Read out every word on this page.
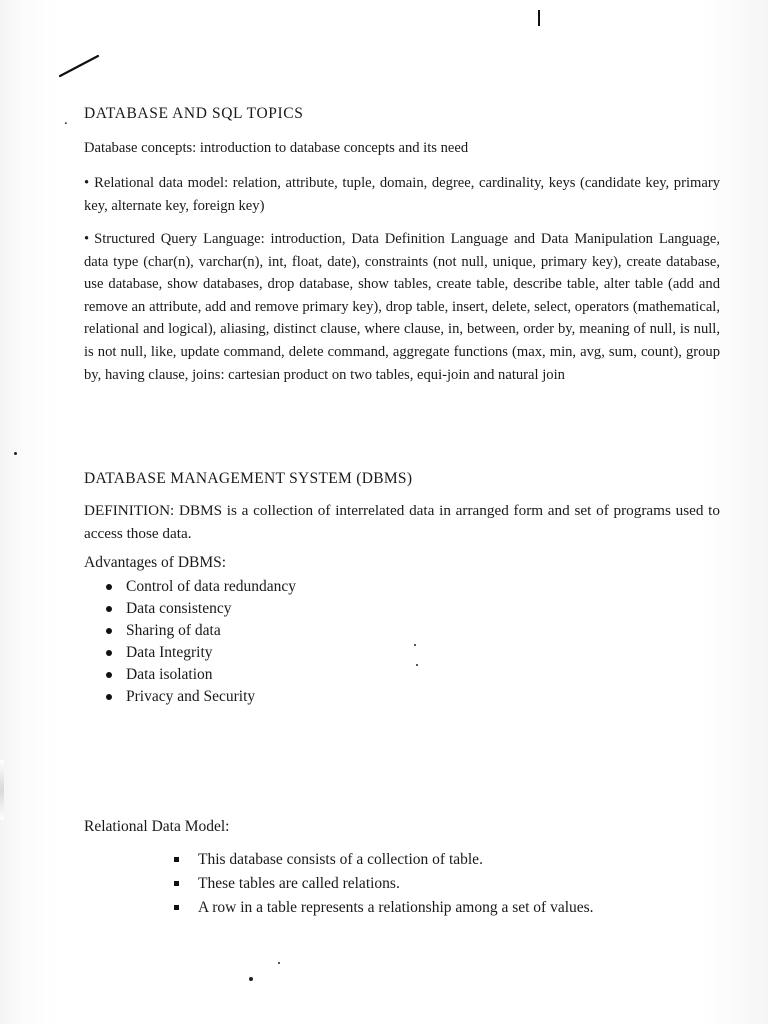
. DATABASE AND SQL TOPICS
Database concepts: introduction to database concepts and its need
• Relational data model: relation, attribute, tuple, domain, degree, cardinality, keys (candidate key, primary key, alternate key, foreign key)
• Structured Query Language: introduction, Data Definition Language and Data Manipulation Language, data type (char(n), varchar(n), int, float, date), constraints (not null, unique, primary key), create database, use database, show databases, drop database, show tables, create table, describe table, alter table (add and remove an attribute, add and remove primary key), drop table, insert, delete, select, operators (mathematical, relational and logical), aliasing, distinct clause, where clause, in, between, order by, meaning of null, is null, is not null, like, update command, delete command, aggregate functions (max, min, avg, sum, count), group by, having clause, joins: cartesian product on two tables, equi-join and natural join
DATABASE MANAGEMENT SYSTEM (DBMS)
DEFINITION: DBMS is a collection of interrelated data in arranged form and set of programs used to access those data.
Advantages of DBMS:
Control of data redundancy
Data consistency
Sharing of data
Data Integrity
Data isolation
Privacy and Security
Relational Data Model:
This database consists of a collection of table.
These tables are called relations.
A row in a table represents a relationship among a set of values.
